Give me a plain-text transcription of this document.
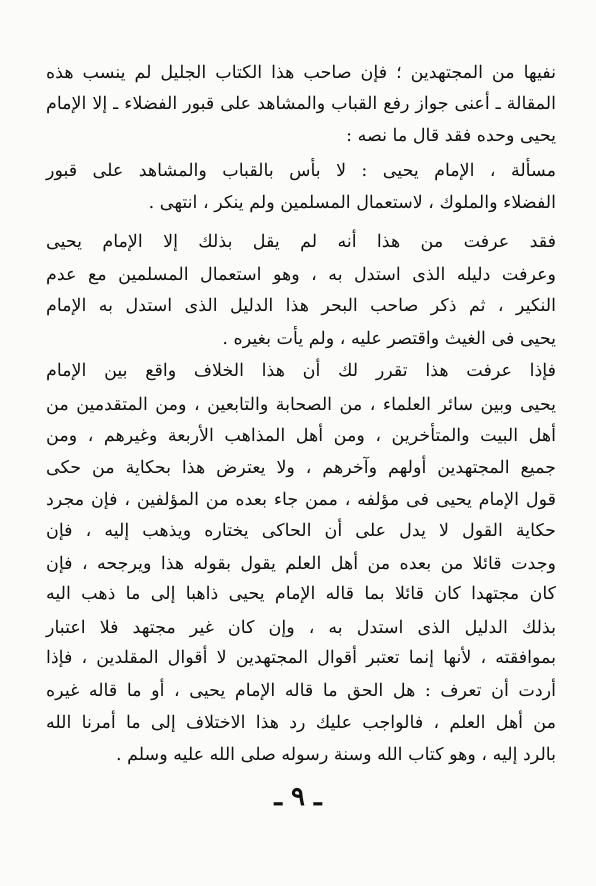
نفيها من المجتهدين ؛ فإن صاحب هذا الكتاب الجليل لم ينسب هذه
المقالة ـ أعنى جواز رفع القباب والمشاهد على قبور الفضلاء ـ إلا الإمام
يحيى وحده فقد قال ما نصه :
مسألة ، الإمام يحيى : لا بأس بالقباب والمشاهد على قبور
الفضلاء والملوك ، لاستعمال المسلمين ولم ينكر ، انتهى .
فقد عرفت من هذا أنه لم يقل بذلك إلا الإمام يحيى
وعرفت دليله الذى استدل به ، وهو استعمال المسلمين مع عدم
النكير ، ثم ذكر صاحب البحر هذا الدليل الذى استدل به الإمام
يحيى فى الغيث واقتصر عليه ، ولم يأت بغيره .
فإذا عرفت هذا تقرر لك أن هذا الخلاف واقع بين الإمام
يحيى وبين سائر العلماء ، من الصحابة والتابعين ، ومن المتقدمين من
أهل البيت والمتأخرين ، ومن أهل المذاهب الأربعة وغيرهم ، ومن
جميع المجتهدين أولهم وآخرهم ، ولا يعترض هذا بحكاية من حكى
قول الإمام يحيى فى مؤلفه ، ممن جاء بعده من المؤلفين ، فإن مجرد
حكاية القول لا يدل على أن الحاكى يختاره ويذهب إليه ، فإن
وجدت قائلا من بعده من أهل العلم يقول بقوله هذا ويرجحه ، فإن
كان مجتهدا كان قائلا بما قاله الإمام يحيى ذاهبا إلى ما ذهب اليه
بذلك الدليل الذى استدل به ، وإن كان غير مجتهد فلا اعتبار
بموافقته ، لأنها إنما تعتبر أقوال المجتهدين لا أقوال المقلدين ، فإذا
أردت أن تعرف : هل الحق ما قاله الإمام يحيى ، أو ما قاله غيره
من أهل العلم ، فالواجب عليك رد هذا الاختلاف إلى ما أمرنا الله
بالرد إليه ، وهو كتاب الله وسنة رسوله صلى الله عليه وسلم .
ـ ٩ ـ
